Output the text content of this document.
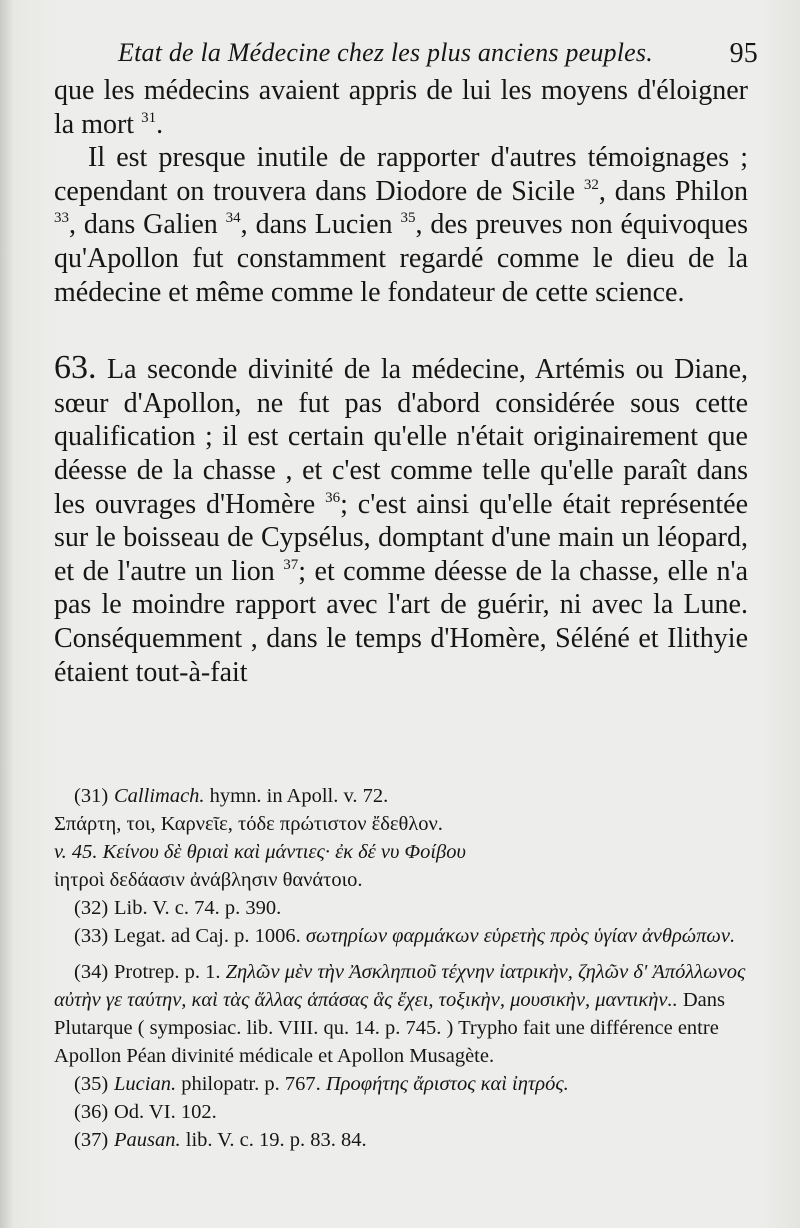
Etat de la Médecine chez les plus anciens peuples.	95

que les médecins avaient appris de lui les moyens d'éloigner la mort $^{31}$.

Il est presque inutile de rapporter d'autres témoignages ; cependant on trouvera dans Diodore de Sicile $^{32}$, dans Philon $^{33}$, dans Galien $^{34}$, dans Lucien $^{35}$, des preuves non équivoques qu'Apollon fut constamment regardé comme le dieu de la médecine et même comme le fondateur de cette science.

63. La seconde divinité de la médecine, Artémis ou Diane, sœur d'Apollon, ne fut pas d'abord considérée sous cette qualification ; il est certain qu'elle n'était originairement que déesse de la chasse , et c'est comme telle qu'elle paraît dans les ouvrages d'Homère $^{36}$; c'est ainsi qu'elle était représentée sur le boisseau de Cypsélus, domptant d'une main un léopard, et de l'autre un lion $^{37}$; et comme déesse de la chasse, elle n'a pas le moindre rapport avec l'art de guérir, ni avec la Lune. Conséquemment , dans le temps d'Homère, Séléné et Ilithyie étaient tout-à-fait

(31) Callimach. hymn. in Apoll. v. 72.
Σπάρτη, τοι, Καρνεῖε, τόδε πρώτιστον ἔδεθλον.
v. 45. Κείνου δὲ θριαὶ καὶ μάντιες· ἐκ δέ νυ Φοίβου
ἰητροὶ δεδάασιν ἀνάβλησιν θανάτοιο.
(32) Lib. V. c. 74. p. 390.
(33) Legat. ad Caj. p. 1006. σωτηρίων φαρμάκων εὑρετὴς πρὸς ὑγίαν ἀνθρώπων.
(34) Protrep. p. 1. Ζηλῶν μὲν τὴν Ἀσκληπιοῦ τέχνην ἰατρικὴν, ζηλῶν δ' Ἀπόλλωνος αὐτὴν γε ταύτην, καὶ τὰς ἄλλας ἁπάσας ἃς ἔχει, τοξικὴν, μουσικὴν, μαντικὴν.. Dans Plutarque ( symposiac. lib. VIII. qu. 14. p. 745. ) Trypho fait une différence entre Apollon Péan divinité médicale et Apollon Musagète.
(35) Lucian. philopatr. p. 767. Προφήτης ἄριστος καὶ ἰητρός.
(36) Od. VI. 102.
(37) Pausan. lib. V. c. 19. p. 83. 84.
